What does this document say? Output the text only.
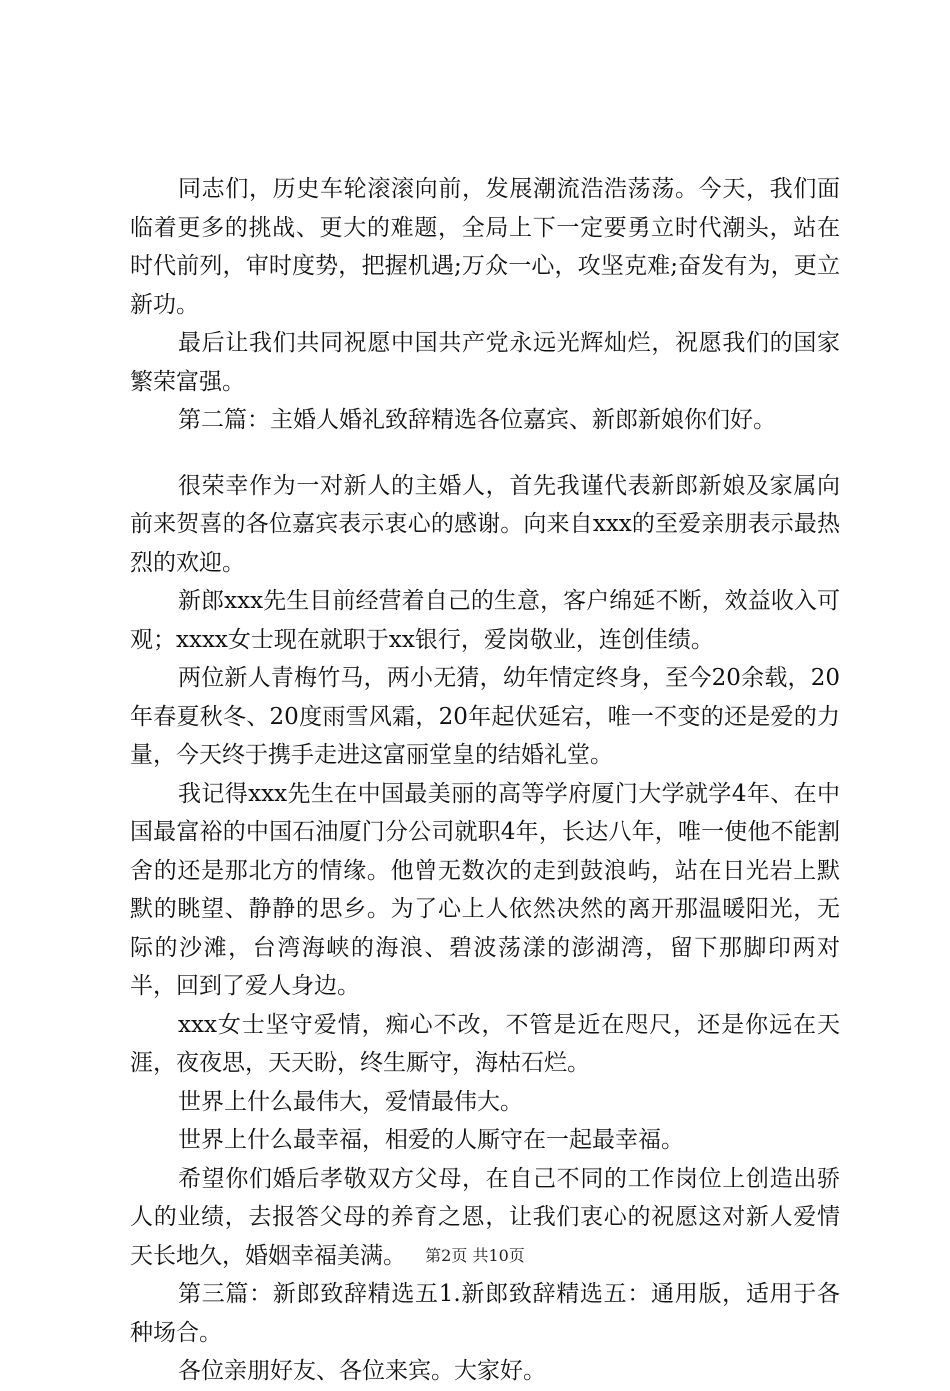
同志们，历史车轮滚滚向前，发展潮流浩浩荡荡。今天，我们面临着更多的挑战、更大的难题，全局上下一定要勇立时代潮头，站在时代前列，审时度势，把握机遇;万众一心，攻坚克难;奋发有为，更立新功。

最后让我们共同祝愿中国共产党永远光辉灿烂，祝愿我们的国家繁荣富强。

第二篇：主婚人婚礼致辞精选各位嘉宾、新郎新娘你们好。

很荣幸作为一对新人的主婚人，首先我谨代表新郎新娘及家属向前来贺喜的各位嘉宾表示衷心的感谢。向来自xxx的至爱亲朋表示最热烈的欢迎。

新郎xxx先生目前经营着自己的生意，客户绵延不断，效益收入可观；xxxx女士现在就职于xx银行，爱岗敬业，连创佳绩。

两位新人青梅竹马，两小无猜，幼年情定终身，至今20余载，20年春夏秋冬、20度雨雪风霜，20年起伏延宕，唯一不变的还是爱的力量，今天终于携手走进这富丽堂皇的结婚礼堂。

我记得xxx先生在中国最美丽的高等学府厦门大学就学4年、在中国最富裕的中国石油厦门分公司就职4年，长达八年，唯一使他不能割舍的还是那北方的情缘。他曾无数次的走到鼓浪屿，站在日光岩上默默的眺望、静静的思乡。为了心上人依然决然的离开那温暖阳光，无际的沙滩，台湾海峡的海浪、碧波荡漾的澎湖湾，留下那脚印两对半，回到了爱人身边。

xxx女士坚守爱情，痴心不改，不管是近在咫尺，还是你远在天涯，夜夜思，天天盼，终生厮守，海枯石烂。

世界上什么最伟大，爱情最伟大。

世界上什么最幸福，相爱的人厮守在一起最幸福。

希望你们婚后孝敬双方父母，在自己不同的工作岗位上创造出骄人的业绩，去报答父母的养育之恩，让我们衷心的祝愿这对新人爱情天长地久，婚姻幸福美满。

第三篇：新郎致辞精选五1.新郎致辞精选五：通用版，适用于各种场合。

各位亲朋好友、各位来宾。大家好。

第2页 共10页
